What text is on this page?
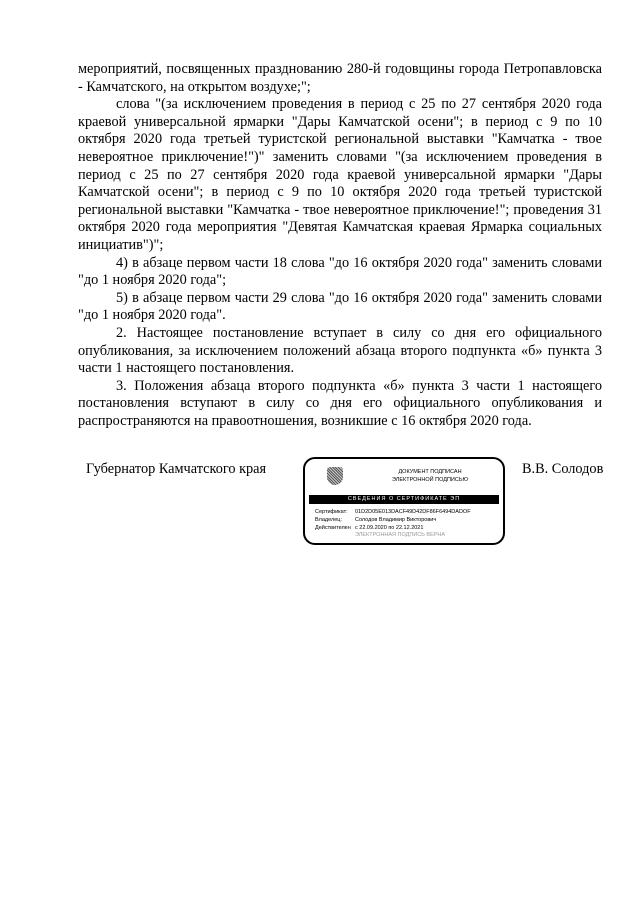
мероприятий, посвященных празднованию 280-й годовщины города Петропавловска - Камчатского, на открытом воздухе;";

слова "(за исключением проведения в период с 25 по 27 сентября 2020 года краевой универсальной ярмарки "Дары Камчатской осени"; в период с 9 по 10 октября 2020 года третьей туристской региональной выставки "Камчатка - твое невероятное приключение!")" заменить словами "(за исключением проведения в период с 25 по 27 сентября 2020 года краевой универсальной ярмарки "Дары Камчатской осени"; в период с 9 по 10 октября 2020 года третьей туристской региональной выставки "Камчатка - твое невероятное приключение!"; проведения 31 октября 2020 года мероприятия "Девятая Камчатская краевая Ярмарка социальных инициатив")";

4) в абзаце первом части 18 слова "до 16 октября 2020 года" заменить словами "до 1 ноября 2020 года";

5) в абзаце первом части 29 слова "до 16 октября 2020 года" заменить словами "до 1 ноября 2020 года".

2. Настоящее постановление вступает в силу со дня его официального опубликования, за исключением положений абзаца второго подпункта «б» пункта 3 части 1 настоящего постановления.

3. Положения абзаца второго подпункта «б» пункта 3 части 1 настоящего постановления вступают в силу со дня его официального опубликования и распространяются на правоотношения, возникшие с 16 октября 2020 года.

Губернатор Камчатского края	ДОКУМЕНТ ПОДПИСАН
ЭЛЕКТРОННОЙ ПОДПИСЬЮ
СВЕДЕНИЯ О СЕРТИФИКАТЕ ЭП
Сертификат: 01D2D05E013DACF49D42DF86F6494DADOF
Владелец: Солодов Владимир Викторович
Действителен с 22.09.2020 по 22.12.2021
ЭЛЕКТРОННАЯ ПОДПИСЬ ВЕРНА
В.В. Солодов
